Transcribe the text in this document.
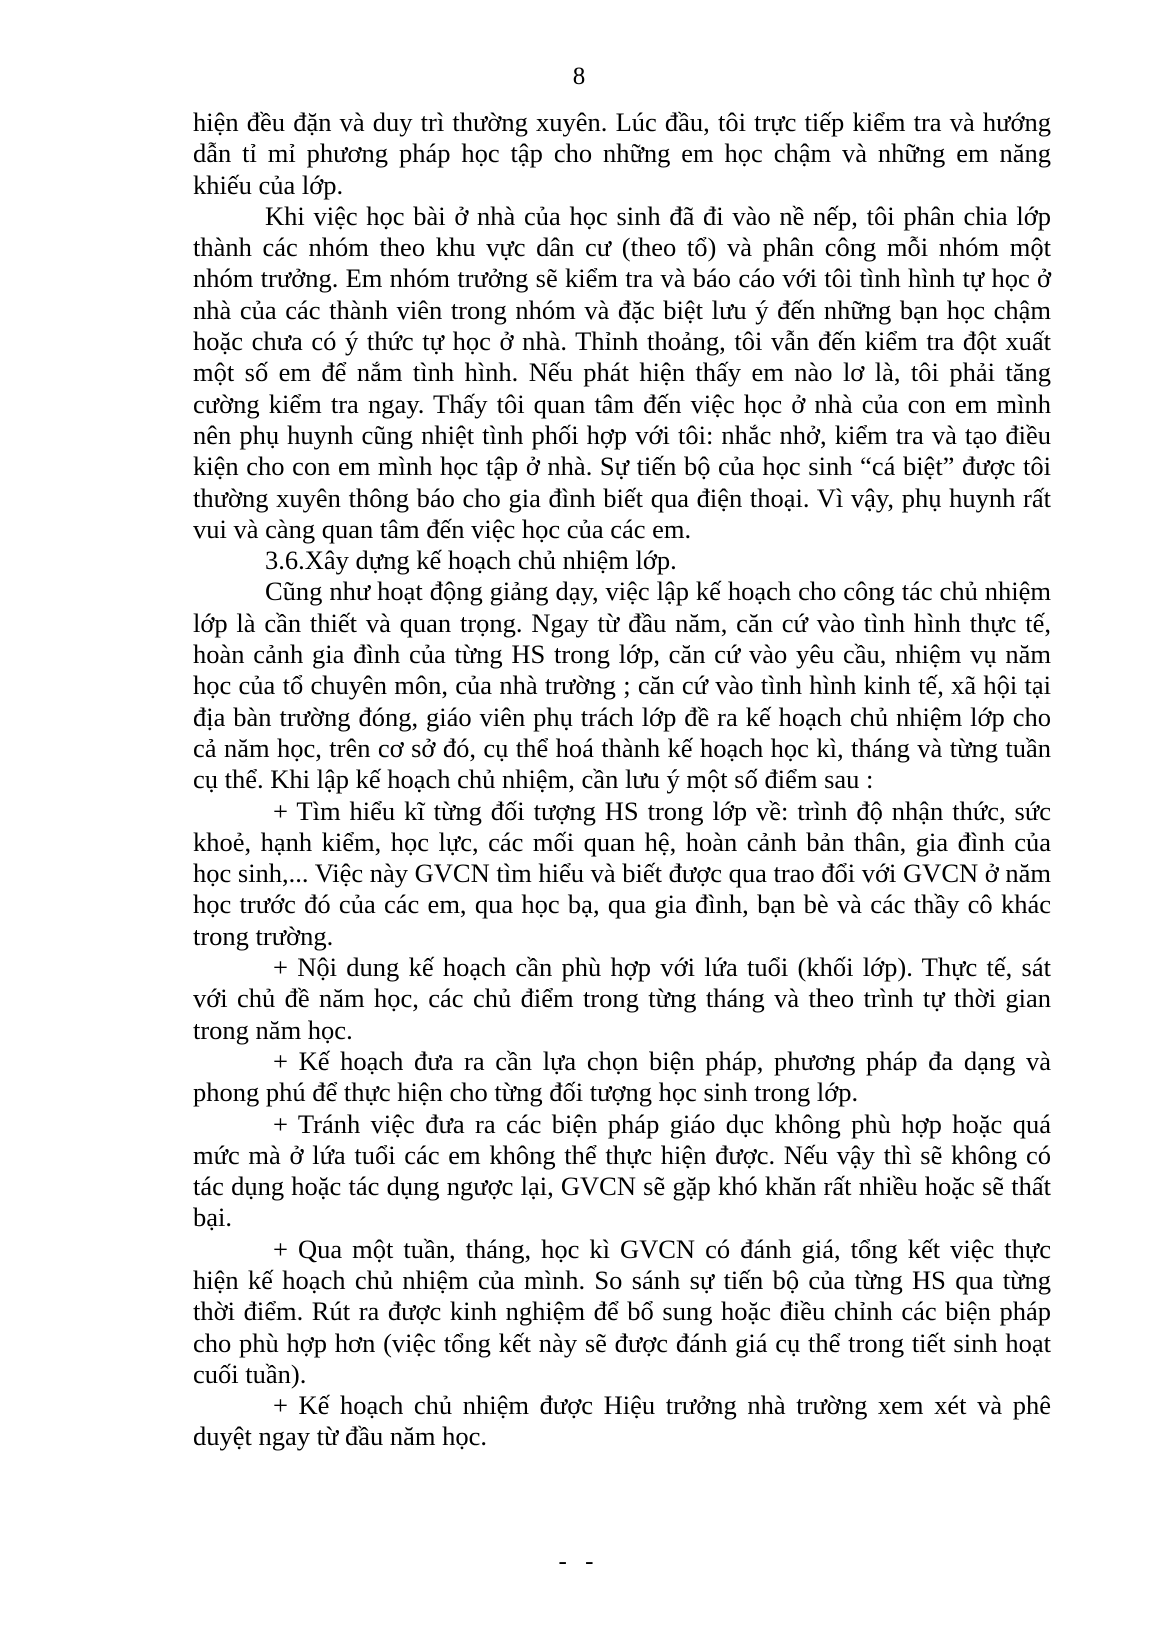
8

hiện đều đặn và duy trì thường xuyên. Lúc đầu, tôi trực tiếp kiểm tra và hướng dẫn tỉ mỉ phương pháp học tập cho những em học chậm và những em năng khiếu của lớp.

Khi việc học bài ở nhà của học sinh đã đi vào nề nếp, tôi phân chia lớp thành các nhóm theo khu vực dân cư (theo tổ) và phân công mỗi nhóm một nhóm trưởng. Em nhóm trưởng sẽ kiểm tra và báo cáo với tôi tình hình tự học ở nhà của các thành viên trong nhóm và đặc biệt lưu ý đến những bạn học chậm hoặc chưa có ý thức tự học ở nhà. Thỉnh thoảng, tôi vẫn đến kiểm tra đột xuất một số em để nắm tình hình. Nếu phát hiện thấy em nào lơ là, tôi phải tăng cường kiểm tra ngay. Thấy tôi quan tâm đến việc học ở nhà của con em mình nên phụ huynh cũng nhiệt tình phối hợp với tôi: nhắc nhở, kiểm tra và tạo điều kiện cho con em mình học tập ở nhà. Sự tiến bộ của học sinh “cá biệt” được tôi thường xuyên thông báo cho gia đình biết qua điện thoại. Vì vậy, phụ huynh rất vui và càng quan tâm đến việc học của các em.

3.6.Xây dựng kế hoạch chủ nhiệm lớp.

Cũng như hoạt động giảng dạy, việc lập kế hoạch cho công tác chủ nhiệm lớp là cần thiết và quan trọng. Ngay từ đầu năm, căn cứ vào tình hình thực tế, hoàn cảnh gia đình của từng HS trong lớp, căn cứ vào yêu cầu, nhiệm vụ năm học của tổ chuyên môn, của nhà trường ; căn cứ vào tình hình kinh tế, xã hội tại địa bàn trường đóng, giáo viên phụ trách lớp đề ra kế hoạch chủ nhiệm lớp cho cả năm học, trên cơ sở đó, cụ thể hoá thành kế hoạch học kì, tháng và từng tuần cụ thể. Khi lập kế hoạch chủ nhiệm, cần lưu ý một số điểm sau :

+ Tìm hiểu kĩ từng đối tượng HS trong lớp về: trình độ nhận thức, sức khoẻ, hạnh kiểm, học lực, các mối quan hệ, hoàn cảnh bản thân, gia đình của học sinh,... Việc này GVCN tìm hiểu và biết được qua trao đổi với GVCN ở năm học trước đó của các em, qua học bạ, qua gia đình, bạn bè và các thầy cô khác trong trường.

+ Nội dung kế hoạch cần phù hợp với lứa tuổi (khối lớp). Thực tế, sát với chủ đề năm học, các chủ điểm trong từng tháng và theo trình tự thời gian trong năm học.

+ Kế hoạch đưa ra cần lựa chọn biện pháp, phương pháp đa dạng và phong phú để thực hiện cho từng đối tượng học sinh trong lớp.

+ Tránh việc đưa ra các biện pháp giáo dục không phù hợp hoặc quá mức mà ở lứa tuổi các em không thể thực hiện được. Nếu vậy thì sẽ không có tác dụng hoặc tác dụng ngược lại, GVCN sẽ gặp khó khăn rất nhiều hoặc sẽ thất bại.

+ Qua một tuần, tháng, học kì GVCN có đánh giá, tổng kết việc thực hiện kế hoạch chủ nhiệm của mình. So sánh sự tiến bộ của từng HS qua từng thời điểm. Rút ra được kinh nghiệm để bổ sung hoặc điều chỉnh các biện pháp cho phù hợp hơn (việc tổng kết này sẽ được đánh giá cụ thể trong tiết sinh hoạt cuối tuần).

+ Kế hoạch chủ nhiệm được Hiệu trưởng nhà trường xem xét và phê duyệt ngay từ đầu năm học.

- -
